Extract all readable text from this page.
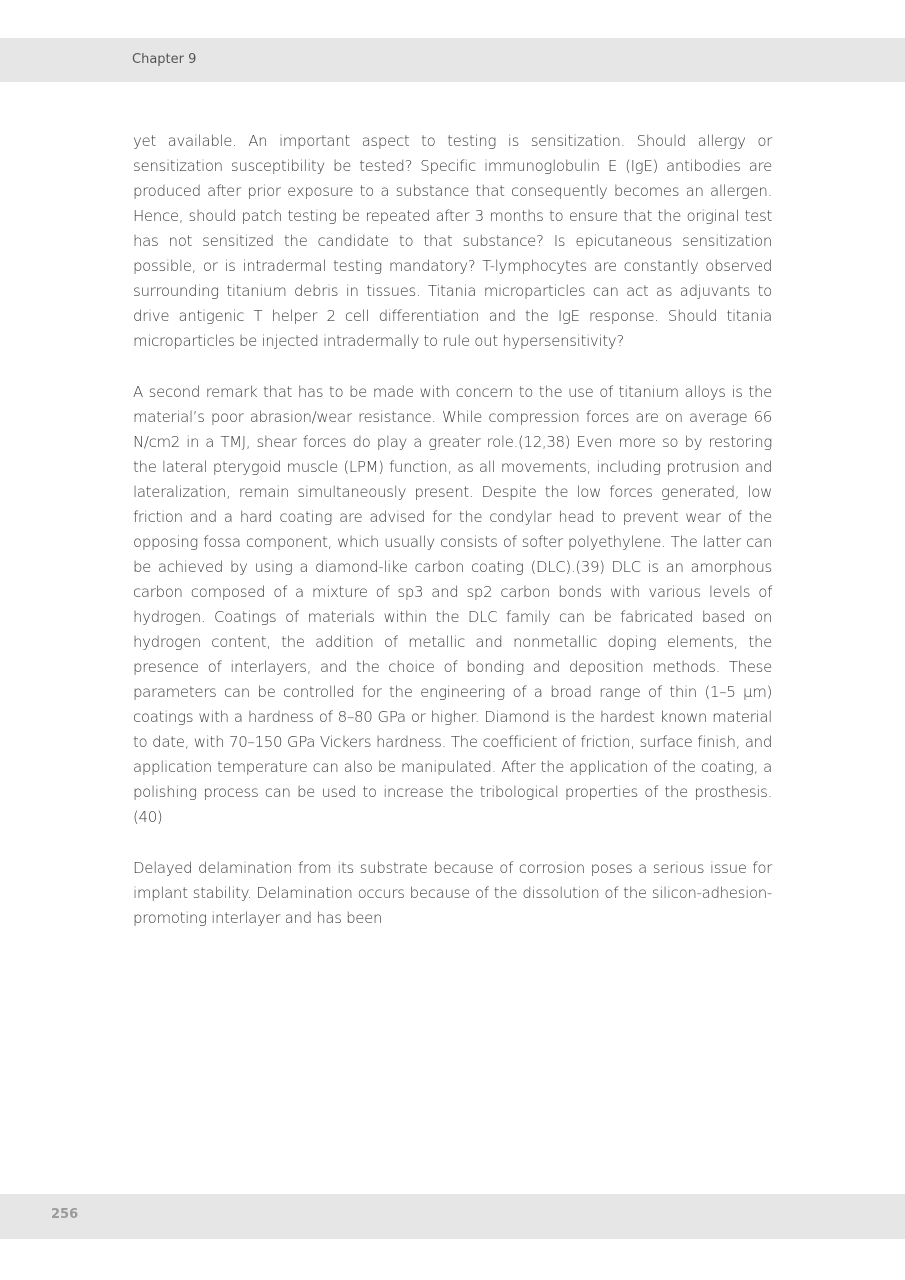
Chapter 9

yet available. An important aspect to testing is sensitization. Should allergy or sensitization susceptibility be tested? Specific immunoglobulin E (IgE) antibodies are produced after prior exposure to a substance that consequently becomes an allergen. Hence, should patch testing be repeated after 3 months to ensure that the original test has not sensitized the candidate to that substance? Is epicutaneous sensitization possible, or is intradermal testing mandatory? T-lymphocytes are constantly observed surrounding titanium debris in tissues. Titania microparticles can act as adjuvants to drive antigenic T helper 2 cell differentiation and the IgE response. Should titania microparticles be injected intradermally to rule out hypersensitivity?

A second remark that has to be made with concern to the use of titanium alloys is the material’s poor abrasion/wear resistance. While compression forces are on average 66 N/cm2 in a TMJ, shear forces do play a greater role.(12,38) Even more so by restoring the lateral pterygoid muscle (LPM) function, as all movements, including protrusion and lateralization, remain simultaneously present. Despite the low forces generated, low friction and a hard coating are advised for the condylar head to prevent wear of the opposing fossa component, which usually consists of softer polyethylene. The latter can be achieved by using a diamond-like carbon coating (DLC).(39) DLC is an amorphous carbon composed of a mixture of sp3 and sp2 carbon bonds with various levels of hydrogen. Coatings of materials within the DLC family can be fabricated based on hydrogen content, the addition of metallic and nonmetallic doping elements, the presence of interlayers, and the choice of bonding and deposition methods. These parameters can be controlled for the engineering of a broad range of thin (1–5 µm) coatings with a hardness of 8–80 GPa or higher. Diamond is the hardest known material to date, with 70–150 GPa Vickers hardness. The coefficient of friction, surface finish, and application temperature can also be manipulated. After the application of the coating, a polishing process can be used to increase the tribological properties of the prosthesis.(40)

Delayed delamination from its substrate because of corrosion poses a serious issue for implant stability. Delamination occurs because of the dissolution of the silicon-adhesion-promoting interlayer and has been

256
